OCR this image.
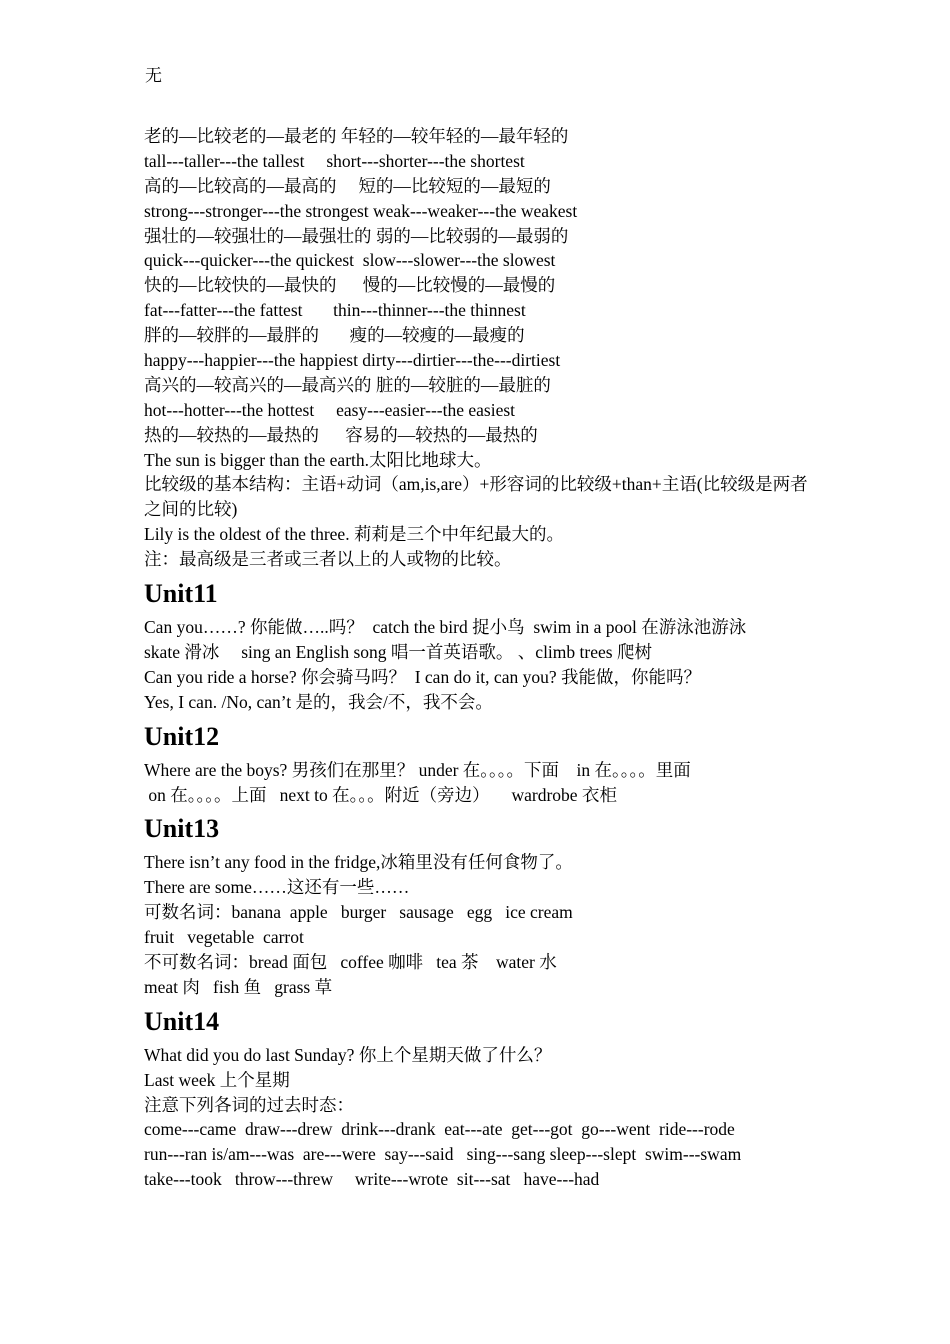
无
老的—比较老的—最老的 年轻的—较年轻的—最年轻的
tall---taller---the tallest     short---shorter---the shortest
高的—比较高的—最高的     短的—比较短的—最短的
strong---stronger---the strongest weak---weaker---the weakest
强壮的—较强壮的—最强壮的 弱的—比较弱的—最弱的
quick---quicker---the quickest  slow---slower---the slowest
快的—比较快的—最快的      慢的—比较慢的—最慢的
fat---fatter---the fattest       thin---thinner---the thinnest
胖的—较胖的—最胖的       瘦的—较瘦的—最瘦的
happy---happier---the happiest dirty---dirtier---the---dirtiest
高兴的—较高兴的—最高兴的 脏的—较脏的—最脏的
hot---hotter---the hottest     easy---easier---the easiest
热的—较热的—最热的      容易的—较热的—最热的
The sun is bigger than the earth.太阳比地球大。
比较级的基本结构：主语+动词（am,is,are）+形容词的比较级+than+主语(比较级是两者之间的比较)
Lily is the oldest of the three. 莉莉是三个中年纪最大的。
注：最高级是三者或三者以上的人或物的比较。
Unit11
Can you……? 你能做…..吗？  catch the bird 捉小鸟  swim in a pool 在游泳池游泳
skate 滑冰     sing an English song 唱一首英语歌。 、climb trees 爬树
Can you ride a horse? 你会骑马吗？  I can do it, can you? 我能做，你能吗？
Yes, I can. /No, can’t 是的，我会/不，我不会。
Unit12
Where are the boys? 男孩们在那里？ under 在。。。。下面    in 在。。。。里面
on 在。。。。上面   next to 在。。。附近（旁边）     wardrobe 衣柜
Unit13
There isn’t any food in the fridge,冰箱里没有任何食物了。
There are some……这还有一些……
可数名词：banana  apple   burger   sausage   egg   ice cream
fruit   vegetable  carrot
不可数名词：bread 面包   coffee 咖啡   tea 茶    water 水
meat 肉   fish 鱼   grass 草
Unit14
What did you do last Sunday? 你上个星期天做了什么？
Last week 上个星期
注意下列各词的过去时态：
come---came  draw---drew  drink---drank  eat---ate  get---got  go---went  ride---rode
run---ran is/am---was  are---were  say---said   sing---sang sleep---slept  swim---swam
take---took   throw---threw     write---wrote  sit---sat   have---had
